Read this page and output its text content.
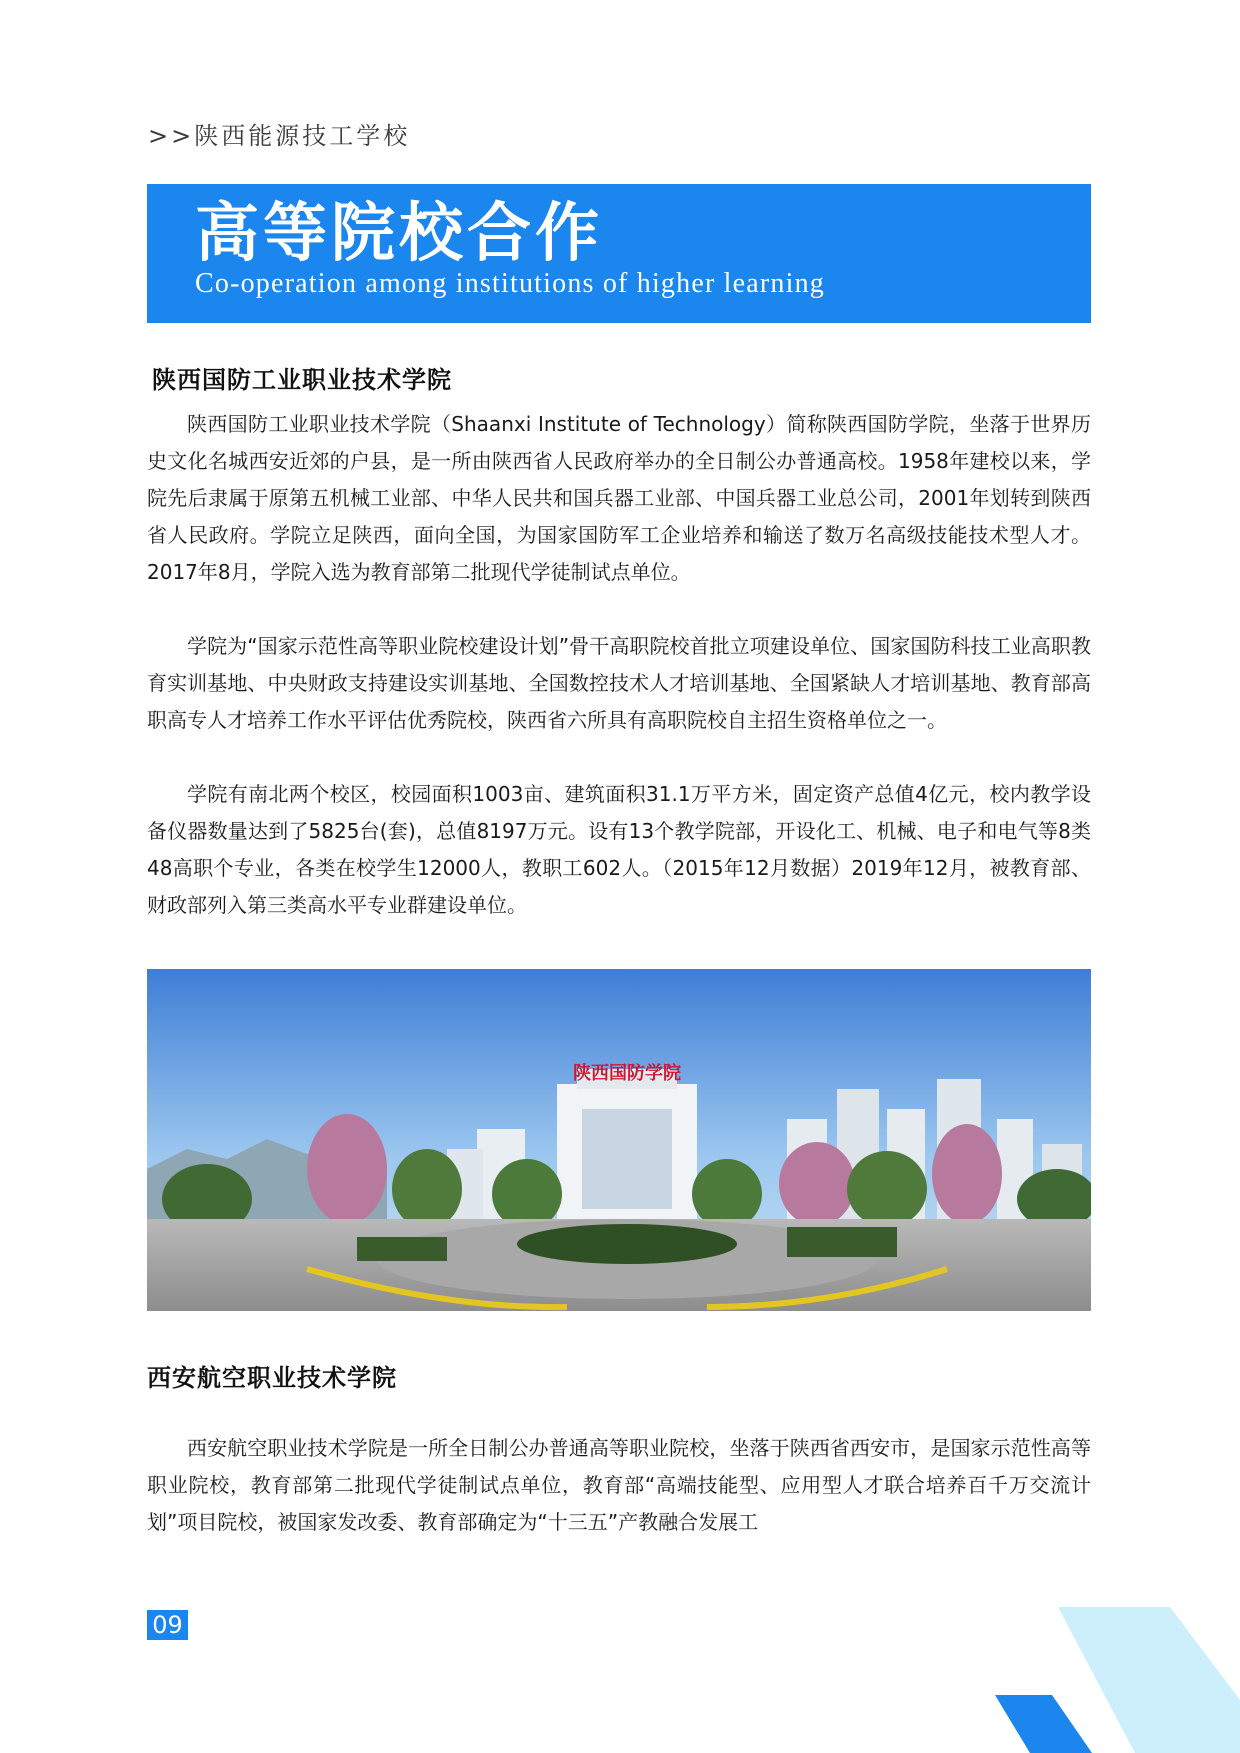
>>陕西能源技工学校
高等院校合作
Co-operation among institutions of higher learning
陕西国防工业职业技术学院

陕西国防工业职业技术学院（Shaanxi Institute of Technology）简称陕西国防学院，坐落于世界历史文化名城西安近郊的户县，是一所由陕西省人民政府举办的全日制公办普通高校。1958年建校以来，学院先后隶属于原第五机械工业部、中华人民共和国兵器工业部、中国兵器工业总公司，2001年划转到陕西省人民政府。学院立足陕西，面向全国，为国家国防军工企业培养和输送了数万名高级技能技术型人才。2017年8月，学院入选为教育部第二批现代学徒制试点单位。

学院为“国家示范性高等职业院校建设计划”骨干高职院校首批立项建设单位、国家国防科技工业高职教育实训基地、中央财政支持建设实训基地、全国数控技术人才培训基地、全国紧缺人才培训基地、教育部高职高专人才培养工作水平评估优秀院校，陕西省六所具有高职院校自主招生资格单位之一。

学院有南北两个校区，校园面积1003亩、建筑面积31.1万平方米，固定资产总值4亿元，校内教学设备仪器数量达到了5825台(套)，总值8197万元。设有13个教学院部，开设化工、机械、电子和电气等8类48高职个专业，各类在校学生12000人，教职工602人。（2015年12月数据）2019年12月，被教育部、财政部列入第三类高水平专业群建设单位。

陕西国防学院
西安航空职业技术学院

西安航空职业技术学院是一所全日制公办普通高等职业院校，坐落于陕西省西安市，是国家示范性高等职业院校，教育部第二批现代学徒制试点单位，教育部“高端技能型、应用型人才联合培养百千万交流计划”项目院校，被国家发改委、教育部确定为“十三五”产教融合发展工

09
